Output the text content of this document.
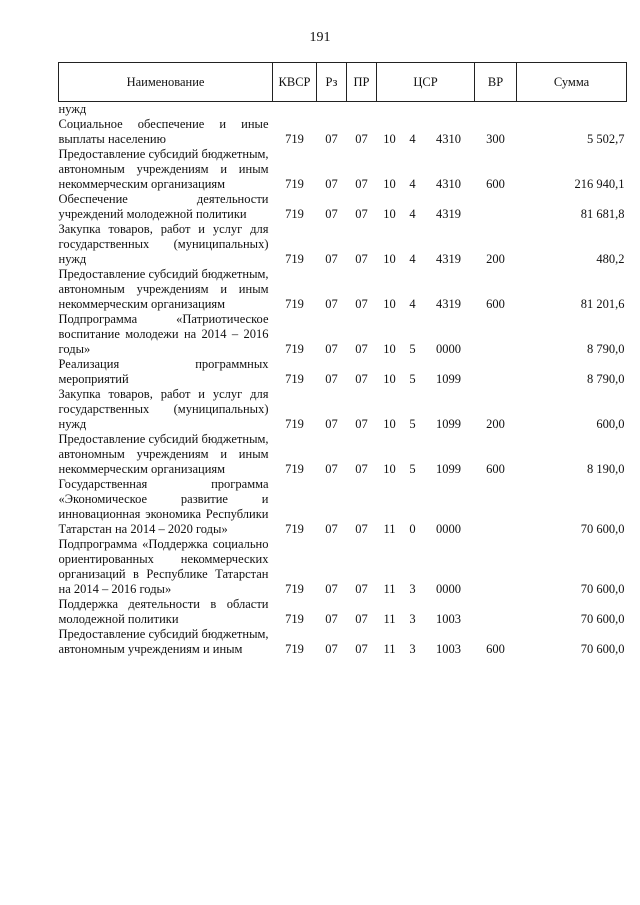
191
Наименование	КВСР	Рз	ПР	ЦСР			ВР	Сумма
нужд								
Социальное обеспечение и иные выплаты населению	719	07	07	10	4	4310	300	5 502,7
Предоставление субсидий бюджетным, автономным учреждениям и иным некоммерческим организациям	719	07	07	10	4	4310	600	216 940,1
Обеспечение деятельности учреждений молодежной политики	719	07	07	10	4	4319		81 681,8
Закупка товаров, работ и услуг для государственных (муниципальных) нужд	719	07	07	10	4	4319	200	480,2
Предоставление субсидий бюджетным, автономным учреждениям и иным некоммерческим организациям	719	07	07	10	4	4319	600	81 201,6
Подпрограмма «Патриотическое воспитание молодежи на 2014 – 2016 годы»	719	07	07	10	5	0000		8 790,0
Реализация программных мероприятий	719	07	07	10	5	1099		8 790,0
Закупка товаров, работ и услуг для государственных (муниципальных) нужд	719	07	07	10	5	1099	200	600,0
Предоставление субсидий бюджетным, автономным учреждениям и иным некоммерческим организациям	719	07	07	10	5	1099	600	8 190,0
Государственная программа «Экономическое развитие и инновационная экономика Республики Татарстан на 2014 – 2020 годы»	719	07	07	11	0	0000		70 600,0
Подпрограмма «Поддержка социально ориентированных некоммерческих организаций в Республике Татарстан на 2014 – 2016 годы»	719	07	07	11	3	0000		70 600,0
Поддержка деятельности в области молодежной политики	719	07	07	11	3	1003		70 600,0
Предоставление субсидий бюджетным, автономным учреждениям и иным	719	07	07	11	3	1003	600	70 600,0
